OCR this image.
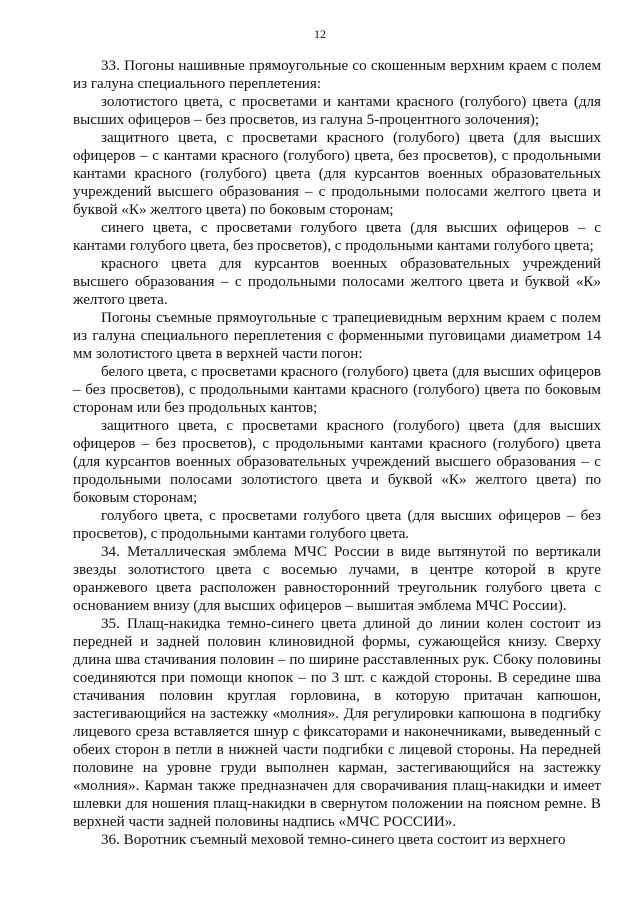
12

33. Погоны нашивные прямоугольные со скошенным верхним краем с полем из галуна специального переплетения:

золотистого цвета, с просветами и кантами красного (голубого) цвета (для высших офицеров – без просветов, из галуна 5-процентного золочения);

защитного цвета, с просветами красного (голубого) цвета (для высших офицеров – с кантами красного (голубого) цвета, без просветов), с продольными кантами красного (голубого) цвета (для курсантов военных образовательных учреждений высшего образования – с продольными полосами желтого цвета и буквой «К» желтого цвета) по боковым сторонам;

синего цвета, с просветами голубого цвета (для высших офицеров – с кантами голубого цвета, без просветов), с продольными кантами голубого цвета;

красного цвета для курсантов военных образовательных учреждений высшего образования – с продольными полосами желтого цвета и буквой «К» желтого цвета.

Погоны съемные прямоугольные с трапециевидным верхним краем с полем из галуна специального переплетения с форменными пуговицами диаметром 14 мм золотистого цвета в верхней части погон:

белого цвета, с просветами красного (голубого) цвета (для высших офицеров – без просветов), с продольными кантами красного (голубого) цвета по боковым сторонам или без продольных кантов;

защитного цвета, с просветами красного (голубого) цвета (для высших офицеров – без просветов), с продольными кантами красного (голубого) цвета (для курсантов военных образовательных учреждений высшего образования – с продольными полосами золотистого цвета и буквой «К» желтого цвета) по боковым сторонам;

голубого цвета, с просветами голубого цвета (для высших офицеров – без просветов), с продольными кантами голубого цвета.

34. Металлическая эмблема МЧС России в виде вытянутой по вертикали звезды золотистого цвета с восемью лучами, в центре которой в круге оранжевого цвета расположен равносторонний треугольник голубого цвета с основанием внизу (для высших офицеров – вышитая эмблема МЧС России).

35. Плащ-накидка темно-синего цвета длиной до линии колен состоит из передней и задней половин клиновидной формы, сужающейся книзу. Сверху длина шва стачивания половин – по ширине расставленных рук. Сбоку половины соединяются при помощи кнопок – по 3 шт. с каждой стороны. В середине шва стачивания половин круглая горловина, в которую притачан капюшон, застегивающийся на застежку «молния». Для регулировки капюшона в подгибку лицевого среза вставляется шнур с фиксаторами и наконечниками, выведенный с обеих сторон в петли в нижней части подгибки с лицевой стороны. На передней половине на уровне груди выполнен карман, застегивающийся на застежку «молния». Карман также предназначен для сворачивания плащ-накидки и имеет шлевки для ношения плащ-накидки в свернутом положении на поясном ремне. В верхней части задней половины надпись «МЧС РОССИИ».

36. Воротник съемный меховой темно-синего цвета состоит из верхнего
